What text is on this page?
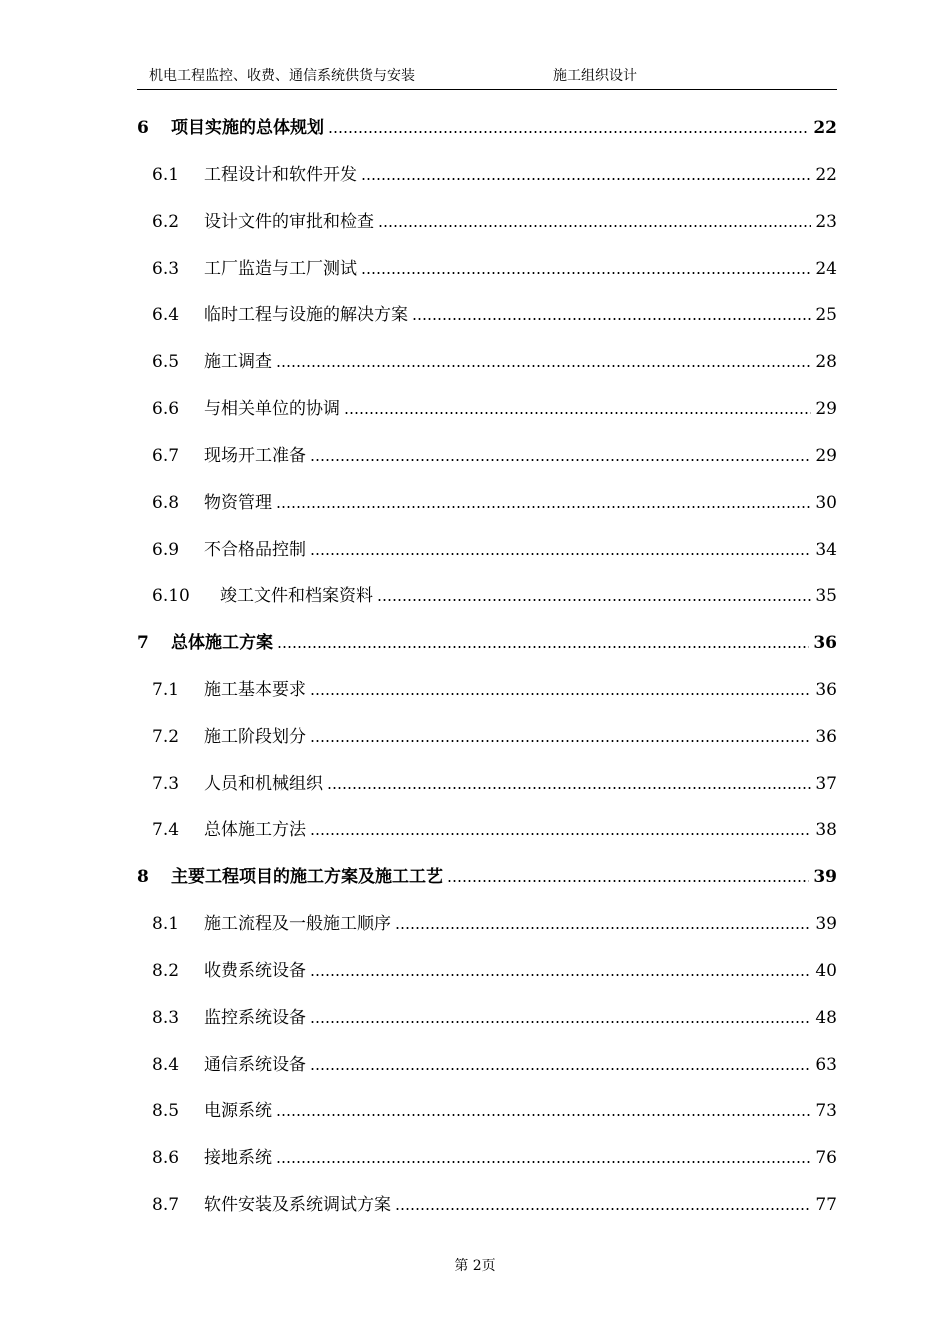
机电工程监控、收费、通信系统供货与安装	施工组织设计
6	项目实施的总体规划	22
6.1	工程设计和软件开发	22
6.2	设计文件的审批和检查	23
6.3	工厂监造与工厂测试	24
6.4	临时工程与设施的解决方案	25
6.5	施工调查	28
6.6	与相关单位的协调	29
6.7	现场开工准备	29
6.8	物资管理	30
6.9	不合格品控制	34
6.10	竣工文件和档案资料	35
7	总体施工方案	36
7.1	施工基本要求	36
7.2	施工阶段划分	36
7.3	人员和机械组织	37
7.4	总体施工方法	38
8	主要工程项目的施工方案及施工工艺	39
8.1	施工流程及一般施工顺序	39
8.2	收费系统设备	40
8.3	监控系统设备	48
8.4	通信系统设备	63
8.5	电源系统	73
8.6	接地系统	76
8.7	软件安装及系统调试方案	77
第 2页
